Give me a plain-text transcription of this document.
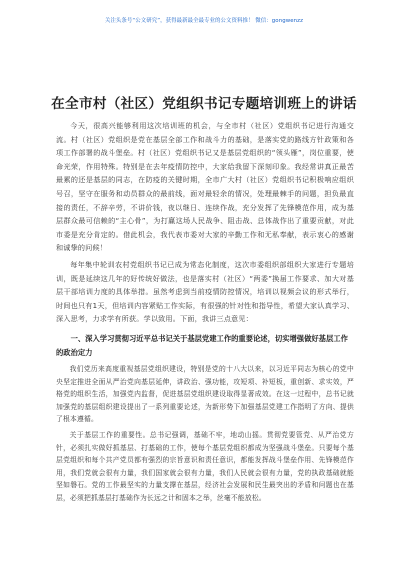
关注头条号“公文研究”，获得最新最全最专业的公文资料推！ 微信：gongwenzz
在全市村（社区）党组织书记专题培训班上的讲话

今天，很高兴能够利用这次培训班的机会，与全市村（社区）党组织书记进行沟通交流。村（社区）党组织是党在基层全部工作和战斗力的基础，是落实党的路线方针政策和各项工作部署的战斗堡垒。村（社区）党组织书记又是基层党组织的“领头雁”，岗位重要，使命光荣，作用特殊。特别是在去年疫情防控中，大家给我留下深刻印象。我经常讲真正最苦最累的还是基层的同志，在防疫的关键时期，全市广大村（社区）党组织书记积极响应组织号召，坚守在服务和动员群众的最前线，面对最轻余的情况，处理最棘手的问题，担负最直接的责任，不辞辛劳，不讲价钱，夜以继日、连续作战，充分发挥了先锋模范作用，成为基层群众最可信赖的“主心骨”，为打赢这场人民战争、阻击战、总体战作出了重要贡献，对此市委是充分肯定的。借此机会，我代表市委对大家的辛勤工作和无私奉献，表示衷心的感谢和诚挚的问候！

每年集中轮训农村党组织书记已成为常态化制度，这次市委组织部组织大家进行专题培训，既是延续这几年的好传统好做法，也是落实村（社区）“两委”换届工作要求、加大对基层干部培训力度的具体举措。虽然考虑到当前疫情防控情况，培训以视频会议的形式举行，时间也只有1天，但培训内容紧贴工作实际，有很强的针对性和指导性，希望大家认真学习、深入思考，力求学有所获。学以致用。下面，我讲三点意见：

一、深入学习贯彻习近平总书记关于基层党建工作的重要论述，切实增强做好基层工作的政治定力

我们党历来高度重视基层党组织建设，特别是党的十八大以来，以习近平同志为核心的党中央坚定推进全面从严治党向基层延伸，讲政治、强功能，攻短项、补短板，重创新、求实效，严格党的组织生活，加强党内监督，促进基层党组织建设取得显著成效。在这一过程中，总书记就加强党的基层组织建设提出了一系列重要论述，为新形势下加强基层党建工作指明了方向、提供了根本遵循。

关于基层工作的重要性。总书记强调，基础不牢，地动山摇。贯彻党要管党、从严治党方针，必须扎实做好抓基层、打基础的工作，使每个基层党组织都成为坚强战斗堡垒。只要每个基层党组织和每个共产党员都有强烈的宗旨意识和责任意识，都能发挥战斗堡垒作用、先锋模范作用，我们党就会很有力量，我们国家就会很有力量，我们人民就会很有力量，党的执政基础就能坚如磐石。党的工作最坚实的力量支撑在基层，经济社会发展和民生最突出的矛盾和问题也在基层，必须把抓基层打基础作为长远之计和固本之举，丝毫不能放松。
